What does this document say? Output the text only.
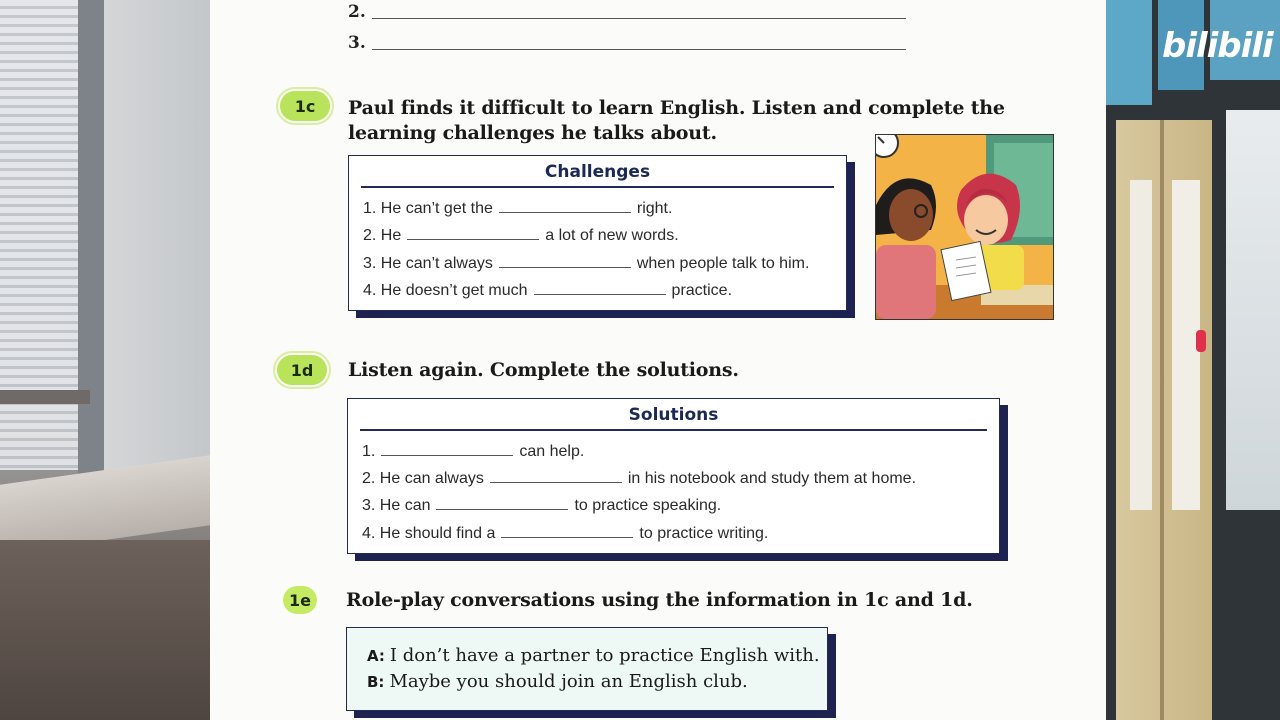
bilibili
2.
3.
1c	Paul finds it difficult to learn English. Listen and complete the
learning challenges he talks about.
Challenges
1. He can’t get the	right.
2. He	a lot of new words.
3. He can’t always	when people talk to him.
4. He doesn’t get much	practice.
1d	Listen again. Complete the solutions.
Solutions
1.	can help.
2. He can always	in his notebook and study them at home.
3. He can	to practice speaking.
4. He should find a	to practice writing.
1e	Role-play conversations using the information in 1c and 1d.
A: I don’t have a partner to practice English with.
B: Maybe you should join an English club.
